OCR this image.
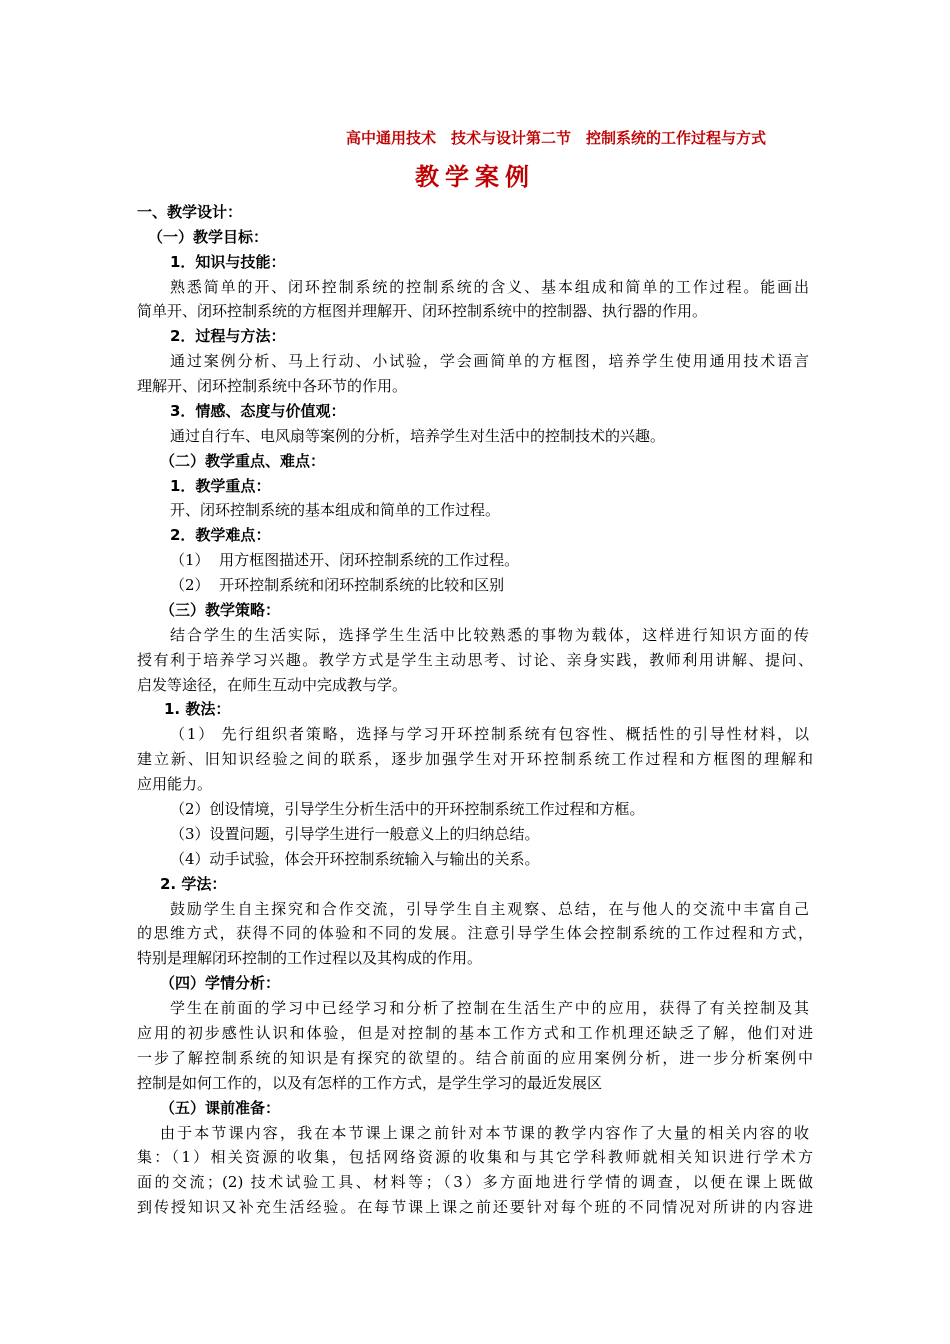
高中通用技术　技术与设计第二节　控制系统的工作过程与方式
教学案例
一、教学设计：
（一）教学目标：
1．知识与技能：
熟悉简单的开、闭环控制系统的控制系统的含义、基本组成和简单的工作过程。能画出
简单开、闭环控制系统的方框图并理解开、闭环控制系统中的控制器、执行器的作用。
2．过程与方法：
通过案例分析、马上行动、小试验，学会画简单的方框图，培养学生使用通用技术语言
理解开、闭环控制系统中各环节的作用。
3．情感、态度与价值观：
通过自行车、电风扇等案例的分析，培养学生对生活中的控制技术的兴趣。
（二）教学重点、难点：
1．教学重点：
开、闭环控制系统的基本组成和简单的工作过程。
2．教学难点：
（1）  用方框图描述开、闭环控制系统的工作过程。
（2）  开环控制系统和闭环控制系统的比较和区别
（三）教学策略：
结合学生的生活实际，选择学生生活中比较熟悉的事物为载体，这样进行知识方面的传
授有利于培养学习兴趣。教学方式是学生主动思考、讨论、亲身实践，教师利用讲解、提问、
启发等途径，在师生互动中完成教与学。
1. 教法：
（1） 先行组织者策略，选择与学习开环控制系统有包容性、概括性的引导性材料，以
建立新、旧知识经验之间的联系，逐步加强学生对开环控制系统工作过程和方框图的理解和
应用能力。
（2）创设情境，引导学生分析生活中的开环控制系统工作过程和方框。
（3）设置问题，引导学生进行一般意义上的归纳总结。
（4）动手试验，体会开环控制系统输入与输出的关系。
2. 学法：
鼓励学生自主探究和合作交流，引导学生自主观察、总结，在与他人的交流中丰富自己
的思维方式，获得不同的体验和不同的发展。注意引导学生体会控制系统的工作过程和方式，
特别是理解闭环控制的工作过程以及其构成的作用。
（四）学情分析：
学生在前面的学习中已经学习和分析了控制在生活生产中的应用，获得了有关控制及其
应用的初步感性认识和体验，但是对控制的基本工作方式和工作机理还缺乏了解，他们对进
一步了解控制系统的知识是有探究的欲望的。结合前面的应用案例分析，进一步分析案例中
控制是如何工作的，以及有怎样的工作方式，是学生学习的最近发展区
（五）课前准备：
由于本节课内容，我在本节课上课之前针对本节课的教学内容作了大量的相关内容的收
集：（1）相关资源的收集，包括网络资源的收集和与其它学科教师就相关知识进行学术方
面的交流；(2) 技术试验工具、材料等；（3）多方面地进行学情的调查，以便在课上既做
到传授知识又补充生活经验。在每节课上课之前还要针对每个班的不同情况对所讲的内容进
